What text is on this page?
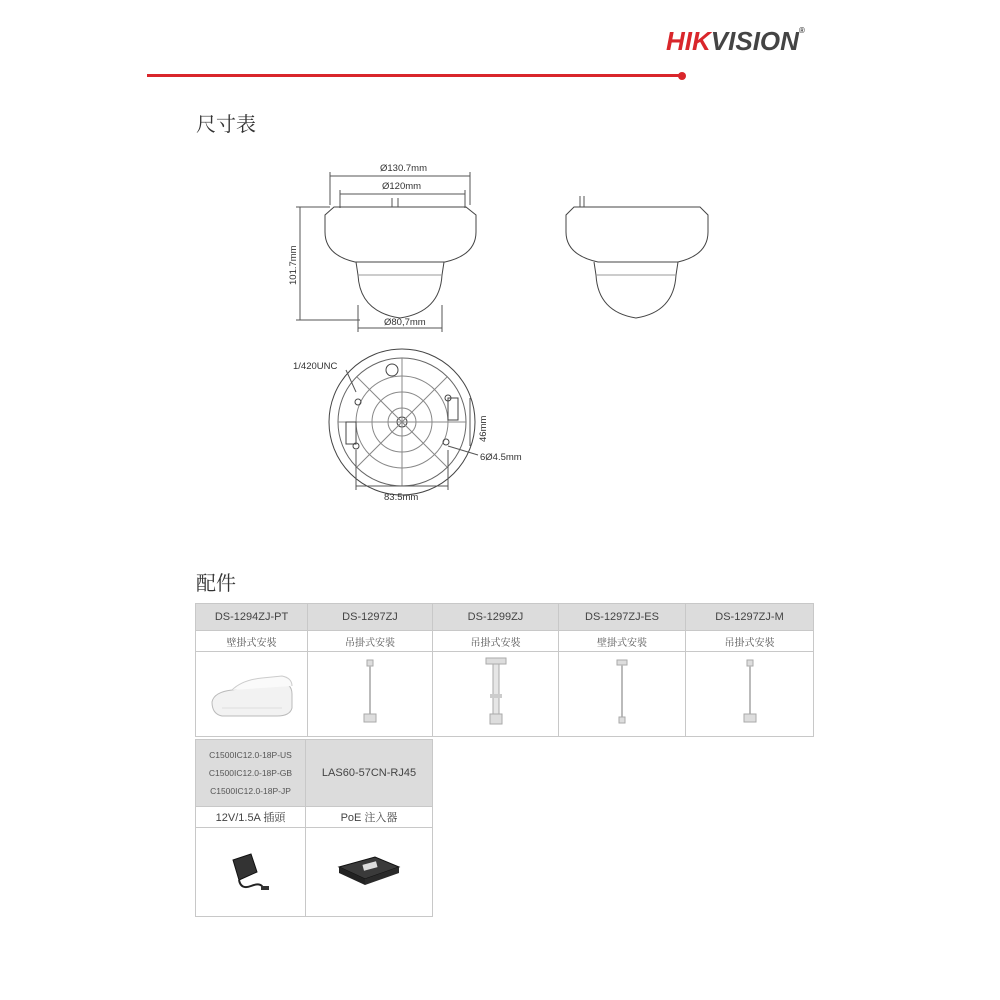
HIKVISION®
尺寸表
Ø130.7mm
Ø120mm
101.7mm
Ø80,7mm
1/420UNC
46mm
6Ø4.5mm
83.5mm
配件
DS-1294ZJ-PT	DS-1297ZJ	DS-1299ZJ	DS-1297ZJ-ES	DS-1297ZJ-M
壁掛式安裝	吊掛式安裝	吊掛式安裝	壁掛式安裝	吊掛式安裝

C1500IC12.0-18P-US
C1500IC12.0-18P-GB
C1500IC12.0-18P-JP	LAS60-57CN-RJ45
12V/1.5A 插頭	PoE 注入器
